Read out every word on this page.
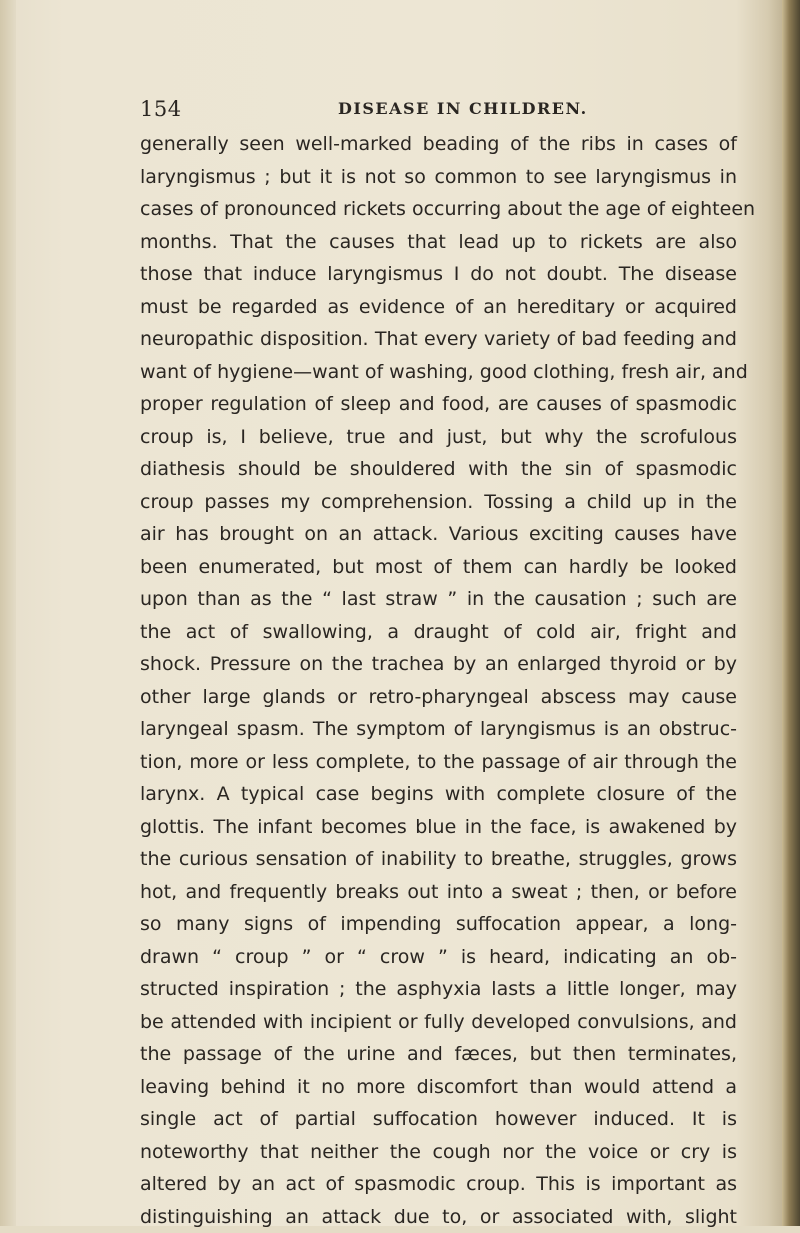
154	DISEASE IN CHILDREN.
generally seen well-marked beading of the ribs in cases of
laryngismus ; but it is not so common to see laryngismus in
cases of pronounced rickets occurring about the age of eighteen
months. That the causes that lead up to rickets are also
those that induce laryngismus I do not doubt. The disease
must be regarded as evidence of an hereditary or acquired
neuropathic disposition. That every variety of bad feeding and
want of hygiene—want of washing, good clothing, fresh air, and
proper regulation of sleep and food, are causes of spasmodic
croup is, I believe, true and just, but why the scrofulous
diathesis should be shouldered with the sin of spasmodic
croup passes my comprehension. Tossing a child up in the
air has brought on an attack. Various exciting causes have
been enumerated, but most of them can hardly be looked
upon than as the “ last straw ” in the causation ; such are
the act of swallowing, a draught of cold air, fright and
shock. Pressure on the trachea by an enlarged thyroid or by
other large glands or retro-pharyngeal abscess may cause
laryngeal spasm. The symptom of laryngismus is an obstruc-
tion, more or less complete, to the passage of air through the
larynx. A typical case begins with complete closure of the
glottis. The infant becomes blue in the face, is awakened by
the curious sensation of inability to breathe, struggles, grows
hot, and frequently breaks out into a sweat ; then, or before
so many signs of impending suffocation appear, a long-
drawn “ croup ” or “ crow ” is heard, indicating an ob-
structed inspiration ; the asphyxia lasts a little longer, may
be attended with incipient or fully developed convulsions, and
the passage of the urine and fæces, but then terminates,
leaving behind it no more discomfort than would attend a
single act of partial suffocation however induced. It is
noteworthy that neither the cough nor the voice or cry is
altered by an act of spasmodic croup. This is important as
distinguishing an attack due to, or associated with, slight
